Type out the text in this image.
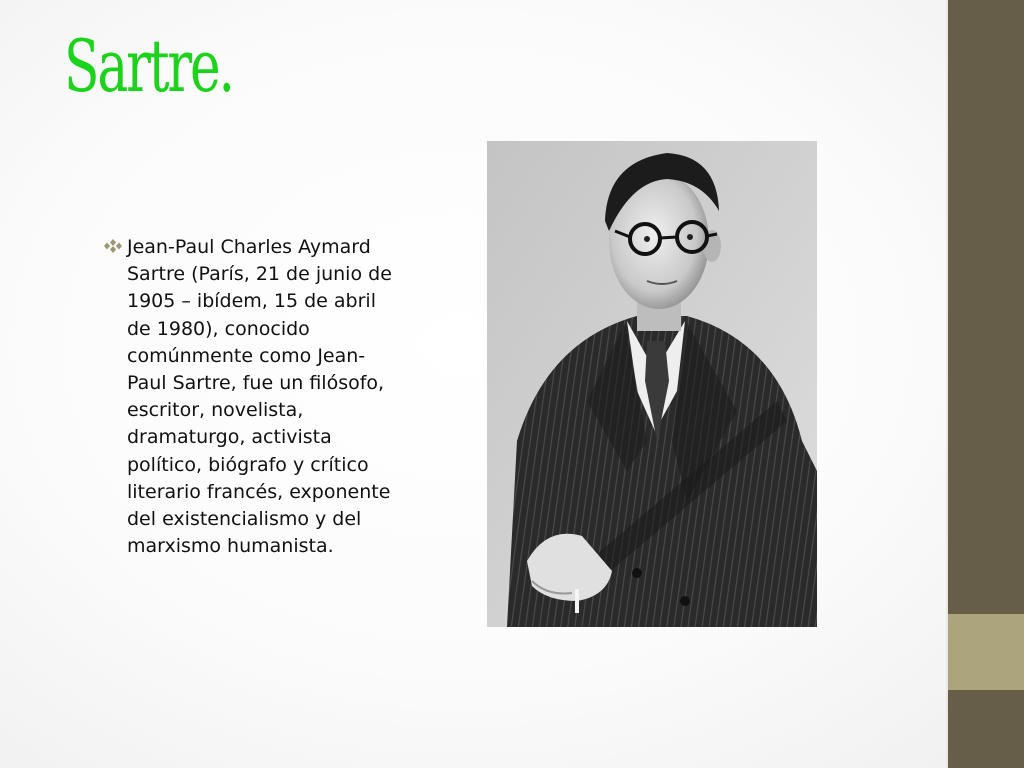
Sartre.
Jean-Paul Charles Aymard Sartre (París, 21 de junio de 1905 – ibídem, 15 de abril de 1980), conocido comúnmente como Jean-Paul Sartre, fue un filósofo, escritor, novelista, dramaturgo, activista político, biógrafo y crítico literario francés, exponente del existencialismo y del marxismo humanista.
